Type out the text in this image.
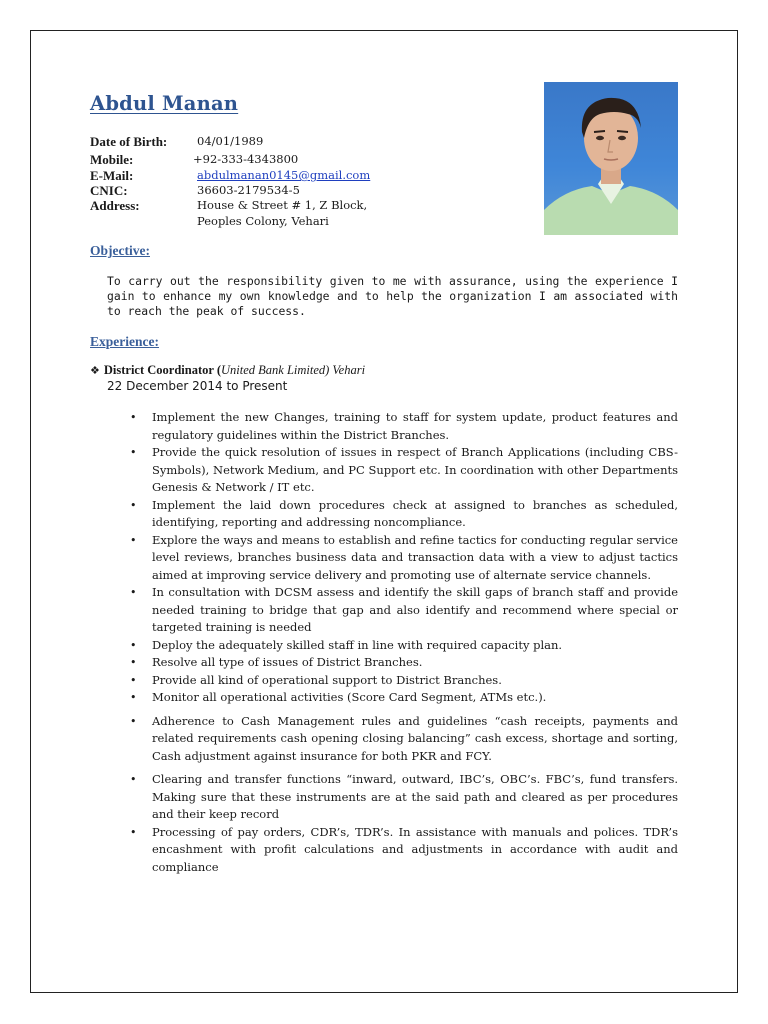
Abdul Manan
Date of Birth:	04/01/1989
Mobile:	+92-333-4343800
E-Mail:	abdulmanan0145@gmail.com
CNIC:	36603-2179534-5
Address:	House & Street # 1, Z Block,
Peoples Colony, Vehari
Objective:

To carry out the responsibility given to me with assurance, using the experience I gain to enhance my own knowledge and to help the organization I am associated with to reach the peak of success.

Experience:
❖ District Coordinator (United Bank Limited) Vehari
22 December 2014 to Present
• Implement the new Changes, training to staff for system update, product features and regulatory guidelines within the District Branches.
• Provide the quick resolution of issues in respect of Branch Applications (including CBS-Symbols), Network Medium, and PC Support etc. In coordination with other Departments Genesis & Network / IT etc.
• Implement the laid down procedures check at assigned to branches as scheduled, identifying, reporting and addressing noncompliance.
• Explore the ways and means to establish and refine tactics for conducting regular service level reviews, branches business data and transaction data with a view to adjust tactics aimed at improving service delivery and promoting use of alternate service channels.
• In consultation with DCSM assess and identify the skill gaps of branch staff and provide needed training to bridge that gap and also identify and recommend where special or targeted training is needed
• Deploy the adequately skilled staff in line with required capacity plan.
• Resolve all type of issues of District Branches.
• Provide all kind of operational support to District Branches.
• Monitor all operational activities (Score Card Segment, ATMs etc.).
• Adherence to Cash Management rules and guidelines “cash receipts, payments and related requirements cash opening closing balancing” cash excess, shortage and sorting, Cash adjustment against insurance for both PKR and FCY.
• Clearing and transfer functions “inward, outward, IBC’s, OBC’s. FBC’s, fund transfers. Making sure that these instruments are at the said path and cleared as per procedures and their keep record
• Processing of pay orders, CDR’s, TDR’s. In assistance with manuals and polices. TDR’s encashment with profit calculations and adjustments in accordance with audit and compliance
